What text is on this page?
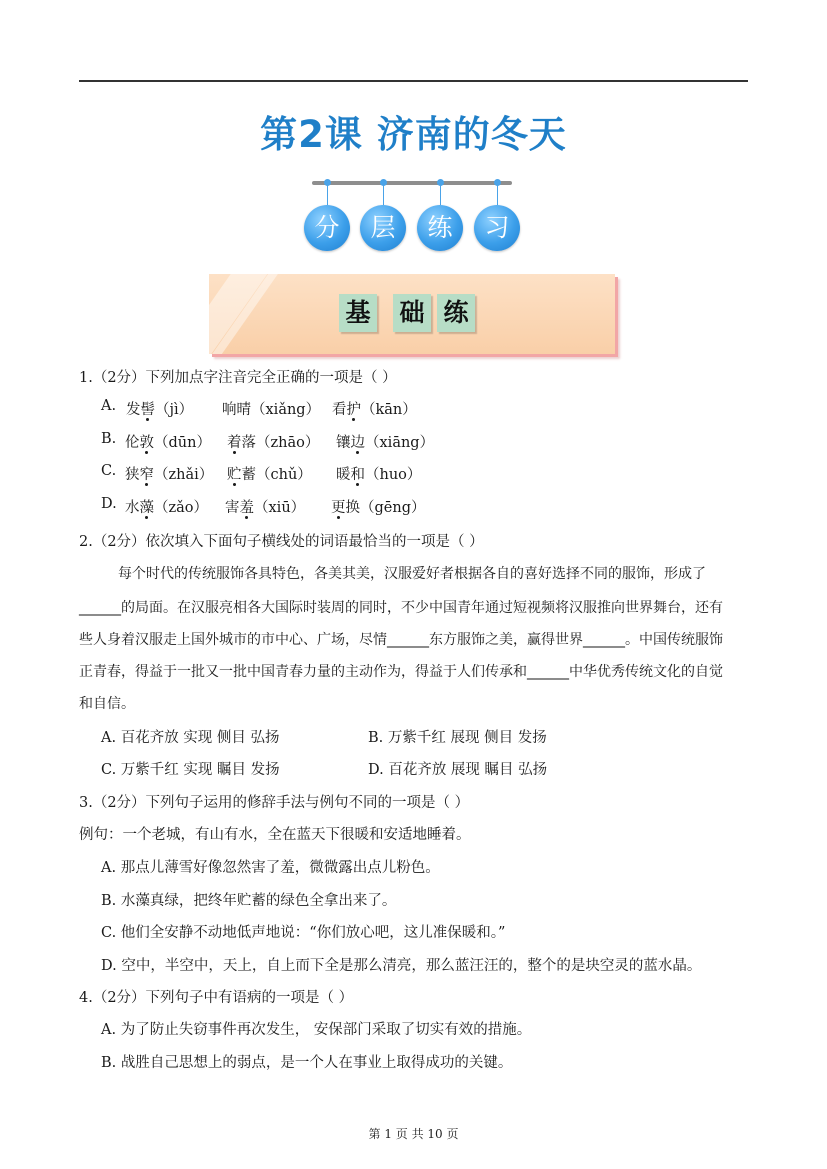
第2课 济南的冬天
分	层	练	习
基 础 练
1.（2分）下列加点字注音完全正确的一项是（ ）
A. 发髻（jì） 响晴（xiǎng） 看护（kān）
B. 伦敦（dūn） 着落（zhāo） 镶边（xiāng）
C. 狭窄（zhǎi） 贮蓄（chǔ） 暖和（huo）
D. 水藻（zǎo） 害羞（xiū） 更换（gēng）
2.（2分）依次填入下面句子横线处的词语最恰当的一项是（ ）
每个时代的传统服饰各具特色，各美其美，汉服爱好者根据各自的喜好选择不同的服饰，形成了
______的局面。在汉服亮相各大国际时装周的同时，不少中国青年通过短视频将汉服推向世界舞台，还有
些人身着汉服走上国外城市的市中心、广场，尽情______东方服饰之美，赢得世界______。中国传统服饰
正青春，得益于一批又一批中国青春力量的主动作为，得益于人们传承和______中华优秀传统文化的自觉
和自信。
A. 百花齐放 实现 侧目 弘扬	B. 万紫千红 展现 侧目 发扬
C. 万紫千红 实现 瞩目 发扬	D. 百花齐放 展现 瞩目 弘扬
3.（2分）下列句子运用的修辞手法与例句不同的一项是（ ）
例句：一个老城，有山有水，全在蓝天下很暖和安适地睡着。
A. 那点儿薄雪好像忽然害了羞，微微露出点儿粉色。
B. 水藻真绿，把终年贮蓄的绿色全拿出来了。
C. 他们全安静不动地低声地说：“你们放心吧，这儿准保暖和。”
D. 空中，半空中，天上，自上而下全是那么清亮，那么蓝汪汪的，整个的是块空灵的蓝水晶。
4.（2分）下列句子中有语病的一项是（ ）
A. 为了防止失窃事件再次发生， 安保部门采取了切实有效的措施。
B. 战胜自己思想上的弱点，是一个人在事业上取得成功的关键。
第 1 页 共 10 页
